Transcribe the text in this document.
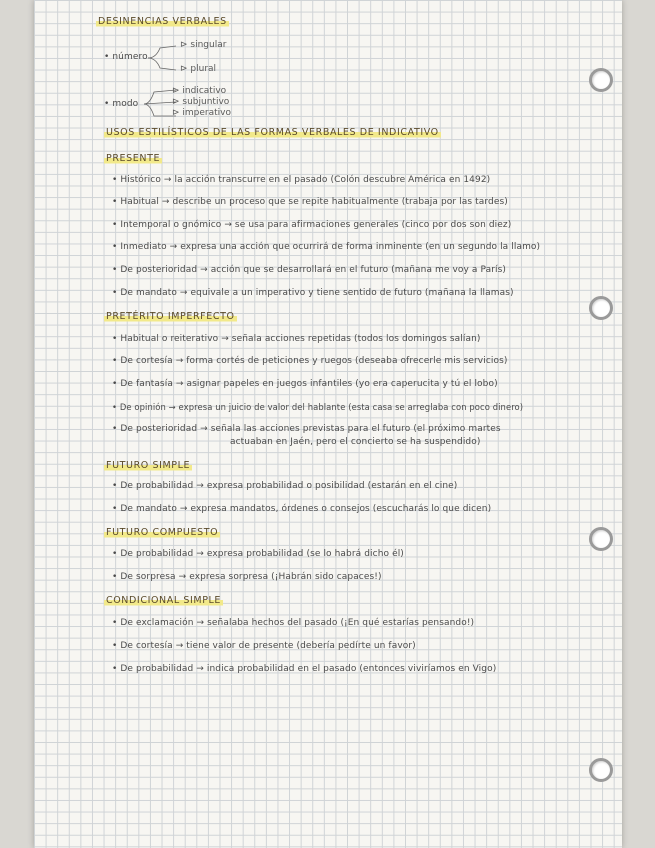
DESINENCIAS VERBALES
• número
⊳ singular
⊳ plural
• modo
⊳ indicativo
⊳ subjuntivo
⊳ imperativo
USOS ESTILÍSTICOS DE LAS FORMAS VERBALES DE INDICATIVO
PRESENTE
• Histórico → la acción transcurre en el pasado (Colón descubre América en 1492)
• Habitual → describe un proceso que se repite habitualmente (trabaja por las tardes)
• Intemporal o gnómico → se usa para afirmaciones generales (cinco por dos son diez)
• Inmediato → expresa una acción que ocurrirá de forma inminente (en un segundo la llamo)
• De posterioridad → acción que se desarrollará en el futuro (mañana me voy a París)
• De mandato → equivale a un imperativo y tiene sentido de futuro (mañana la llamas)
PRETÉRITO IMPERFECTO
• Habitual o reiterativo → señala acciones repetidas (todos los domingos salían)
• De cortesía → forma cortés de peticiones y ruegos (deseaba ofrecerle mis servicios)
• De fantasía → asignar papeles en juegos infantiles (yo era caperucita y tú el lobo)
• De opinión → expresa un juicio de valor del hablante (esta casa se arreglaba con poco dinero)
• De posterioridad → señala las acciones previstas para el futuro (el próximo martes
actuaban en Jaén, pero el concierto se ha suspendido)
FUTURO SIMPLE
• De probabilidad → expresa probabilidad o posibilidad (estarán en el cine)
• De mandato → expresa mandatos, órdenes o consejos (escucharás lo que dicen)
FUTURO COMPUESTO
• De probabilidad → expresa probabilidad (se lo habrá dicho él)
• De sorpresa → expresa sorpresa (¡Habrán sido capaces!)
CONDICIONAL SIMPLE
• De exclamación → señalaba hechos del pasado (¡En qué estarías pensando!)
• De cortesía → tiene valor de presente (debería pedírte un favor)
• De probabilidad → indica probabilidad en el pasado (entonces viviríamos en Vigo)
